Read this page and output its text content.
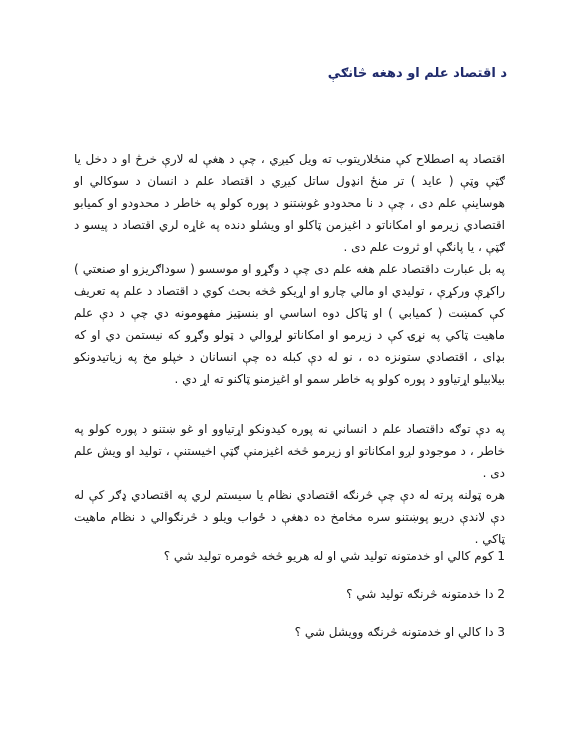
د اقتصاد علم او دهغه څانګې
اقتصاد په اصطلاح کې منځلاریتوب ته ویل کیږي ، چې د هغې له لارې خرڅ او د دخل یا ګټې وټې ( عاید ) تر منځ انډول ساتل کیږي د اقتصاد علم د انسان د سوکالي او هوساینې علم دی ، چې د نا محدودو غوښتنو د پوره کولو په خاطر د محدودو او کمیابو اقتصادي زیرمو او امکاناتو د اغیزمن ټاکلو او ویشلو دنده په غاړه لري اقتصاد د پیسو د ګټې ، یا پانګې او ثروت علم دی .
په بل عبارت داقتصاد علم هغه علم دی چې د وګړو او موسسو ( سوداګریزو او صنعتي ) راکړې ورکړې ، تولیدي او مالي چارو او اړیکو څخه بحث کوي د اقتصاد د علم په تعریف کې کمښت ( کمیابي ) او ټاکل دوه اساسي او بنسټیز مفهومونه دي چې د دې علم ماهیت ټاکي په نړۍ کې د زیرمو او امکاناتو لړوالي د ټولو وګړو که نیستمن دي او که بډای ، اقتصادي ستونزه ده ، نو له دې کبله ده چې انسانان د خپلو مخ په زیاتیدونکو بیلابیلو اړتیاوو د پوره کولو په خاطر سمو او اغیزمنو ټاکنو ته اړ دي .
په دې توګه داقتصاد علم د انساني نه پوره کیدونکو اړتیاوو او غو ښتنو د پوره کولو په خاطر ، د موجودو لږو امکاناتو او زیرمو څخه اغیزمنې ګټې اخیستنې ، تولید او ویش علم دی .
هره ټولنه پرته له دې چې څرنګه اقتصادي نظام یا سیستم لري په اقتصادي ډګر کې له دې لاندې دریو پوښتنو سره مخامخ ده دهغې د ځواب ویلو د څرنګوالي د نظام ماهیت ټاکي .
1 کوم کالي او خدمتونه تولید شي او له هریو څخه څومره تولید شي ؟
2 دا خدمتونه څرنګه تولید شي ؟
3 دا کالي او خدمتونه څرنګه وویشل شي ؟
